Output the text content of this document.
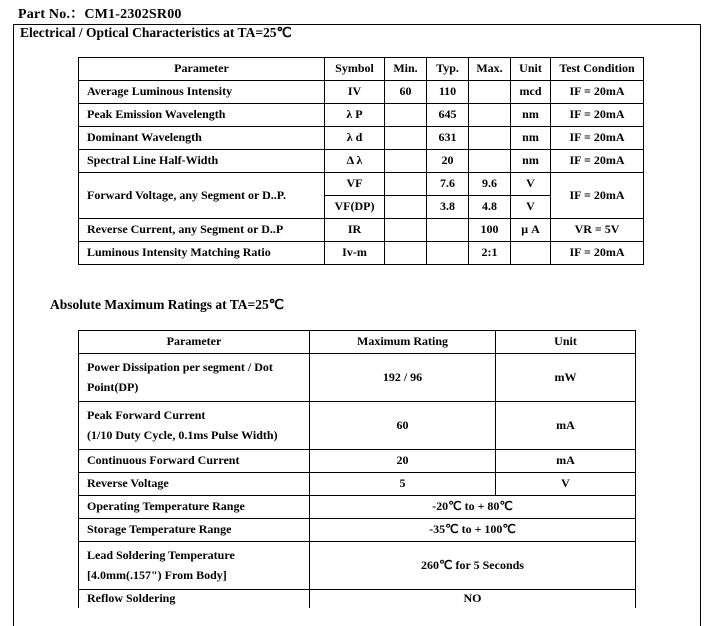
Part No.：CM1-2302SR00
Electrical / Optical Characteristics at TA=25℃
Parameter	Symbol	Min.	Typ.	Max.	Unit	Test Condition
Average Luminous Intensity	IV	60	110		mcd	IF = 20mA
Peak Emission Wavelength	λ P		645		nm	IF = 20mA
Dominant Wavelength	λ d		631		nm	IF = 20mA
Spectral Line Half-Width	Δ λ		20		nm	IF = 20mA
Forward Voltage, any Segment or D..P.	VF		7.6	9.6	V	IF = 20mA
	VF(DP)		3.8	4.8	V	
Reverse Current, any Segment or D..P	IR			100	μ A	VR = 5V
Luminous Intensity Matching Ratio	Iv-m			2:1		IF = 20mA
Absolute Maximum Ratings at TA=25℃
Parameter	Maximum Rating	Unit

Power Dissipation per segment / Dot
Point(DP)	192 / 96	mW

Peak Forward Current
(1/10 Duty Cycle, 0.1ms Pulse Width)	60	mA
Continuous Forward Current	20	mA
Reverse Voltage	5	V
Operating Temperature Range	-20℃ to + 80℃	
Storage Temperature Range	-35℃ to + 100℃	

Lead Soldering Temperature
[4.0mm(.157") From Body]	260℃ for 5 Seconds	
Reflow Soldering	NO	
